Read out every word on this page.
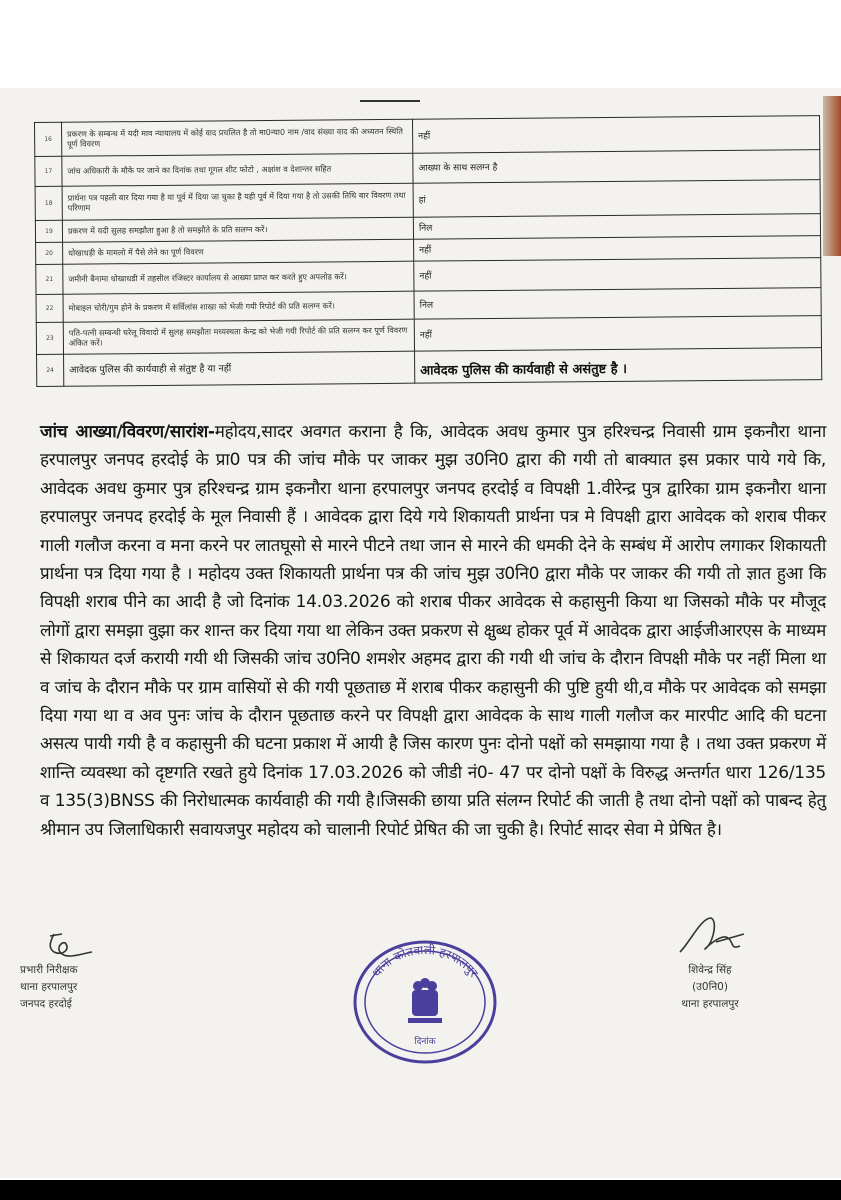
16	प्रकरण के सम्बन्ध में यदी माव न्यायालय में कोई वाद प्रचलित है तो मा0न्या0 नाम /वाद संख्या वाद की अध्यतन स्थिति पूर्ण विवरण	नहीं
17	जांच अधिकारी के मौके पर जाने का दिनांक तथा गूगल शीट फोटो , अक्षांश व देशान्तर सहित	आख्या के साथ सलग्न है
18	प्रार्थना पत्र पहली बार दिया गया है या पूर्व में दिया जा चुका है यही पूर्व में दिया गया है तो उसकी तिथि बार विवरण तथा परिणाम	हां
19	प्रकरण में यदी सुलह समझौता हुआ है तो समझौते के प्रति सलग्न करें।	निल
20	धोखाधड़ी के मामलो में पैसे लेने का पूर्ण विवरण	नहीं
21	जमीनी बैनामा धोखाधडी में तहसील रजिस्टर कार्यालय से आख्या प्राप्त कर करते हुए अपलोड करें।	नहीं
22	मोबाइल चोरी/गुम होने के प्रकरण में सर्विलांस शाखा को भेजी गयी रिपोर्ट की प्रति सलग्न करें।	निल
23	पति-पत्नी सम्बन्धी घरेलू विवादो में सुलह समझौता मध्यस्थता केन्द्र को भेजी गयी रिपोर्ट की प्रति सलग्न कर पूर्ण विवरण अंकित करें।	नहीं
24	आवेदक पुलिस की कार्यवाही से संतुष्ट है या नहीं	आवेदक पुलिस की कार्यवाही से असंतुष्ट है ।
जांच आख्या/विवरण/सारांश-महोदय,सादर अवगत कराना है कि, आवेदक अवध कुमार पुत्र हरिश्चन्द्र निवासी ग्राम इकनौरा थाना हरपालपुर जनपद हरदोई के प्रा0 पत्र की जांच मौके पर जाकर मुझ उ0नि0 द्वारा की गयी तो बाक्यात इस प्रकार पाये गये कि, आवेदक अवध कुमार पुत्र हरिश्चन्द्र ग्राम इकनौरा थाना हरपालपुर जनपद हरदोई व विपक्षी 1.वीरेन्द्र पुत्र द्वारिका ग्राम इकनौरा थाना हरपालपुर जनपद हरदोई के मूल निवासी हैं । आवेदक द्वारा दिये गये शिकायती प्रार्थना पत्र मे विपक्षी द्वारा आवेदक को शराब पीकर गाली गलौज करना व मना करने पर लातघूसो से मारने पीटने तथा जान से मारने की धमकी देने के सम्बंध में आरोप लगाकर शिकायती प्रार्थना पत्र दिया गया है । महोदय उक्त शिकायती प्रार्थना पत्र की जांच मुझ उ0नि0 द्वारा मौके पर जाकर की गयी तो ज्ञात हुआ कि विपक्षी शराब पीने का आदी है जो दिनांक 14.03.2026 को शराब पीकर आवेदक से कहासुनी किया था जिसको मौके पर मौजूद लोगों द्वारा समझा वुझा कर शान्त कर दिया गया था लेकिन उक्त प्रकरण से क्षुब्ध होकर पूर्व में आवेदक द्वारा आईजीआरएस के माध्यम से शिकायत दर्ज करायी गयी थी जिसकी जांच उ0नि0 शमशेर अहमद द्वारा की गयी थी जांच के दौरान विपक्षी मौके पर नहीं मिला था व जांच के दौरान मौके पर ग्राम वासियों से की गयी पूछताछ में शराब पीकर कहासुनी की पुष्टि हुयी थी,व मौके पर आवेदक को समझा दिया गया था व अव पुनः जांच के दौरान पूछताछ करने पर विपक्षी द्वारा आवेदक के साथ गाली गलौज कर मारपीट आदि की घटना असत्य पायी गयी है व कहासुनी की घटना प्रकाश में आयी है जिस कारण पुनः दोनो पक्षों को समझाया गया है । तथा उक्त प्रकरण में शान्ति व्यवस्था को दृष्टगति रखते हुये दिनांक 17.03.2026 को जीडी नं0- 47 पर दोनो पक्षों के विरुद्ध अन्तर्गत धारा 126/135 व 135(3)BNSS की निरोधात्मक कार्यवाही की गयी है।जिसकी छाया प्रति संलग्न रिपोर्ट की जाती है तथा दोनो पक्षों को पाबन्द हेतु श्रीमान उप जिलाधिकारी सवायजपुर महोदय को चालानी रिपोर्ट प्रेषित की जा चुकी है। रिपोर्ट सादर सेवा मे प्रेषित है।

प्रभारी निरीक्षक

थाना हरपालपुर

जनपद हरदोई

थाना कोतवाली हरपालपुर
दिनांक

शिवेन्द्र सिंह

(उ0नि0)

थाना हरपालपुर
